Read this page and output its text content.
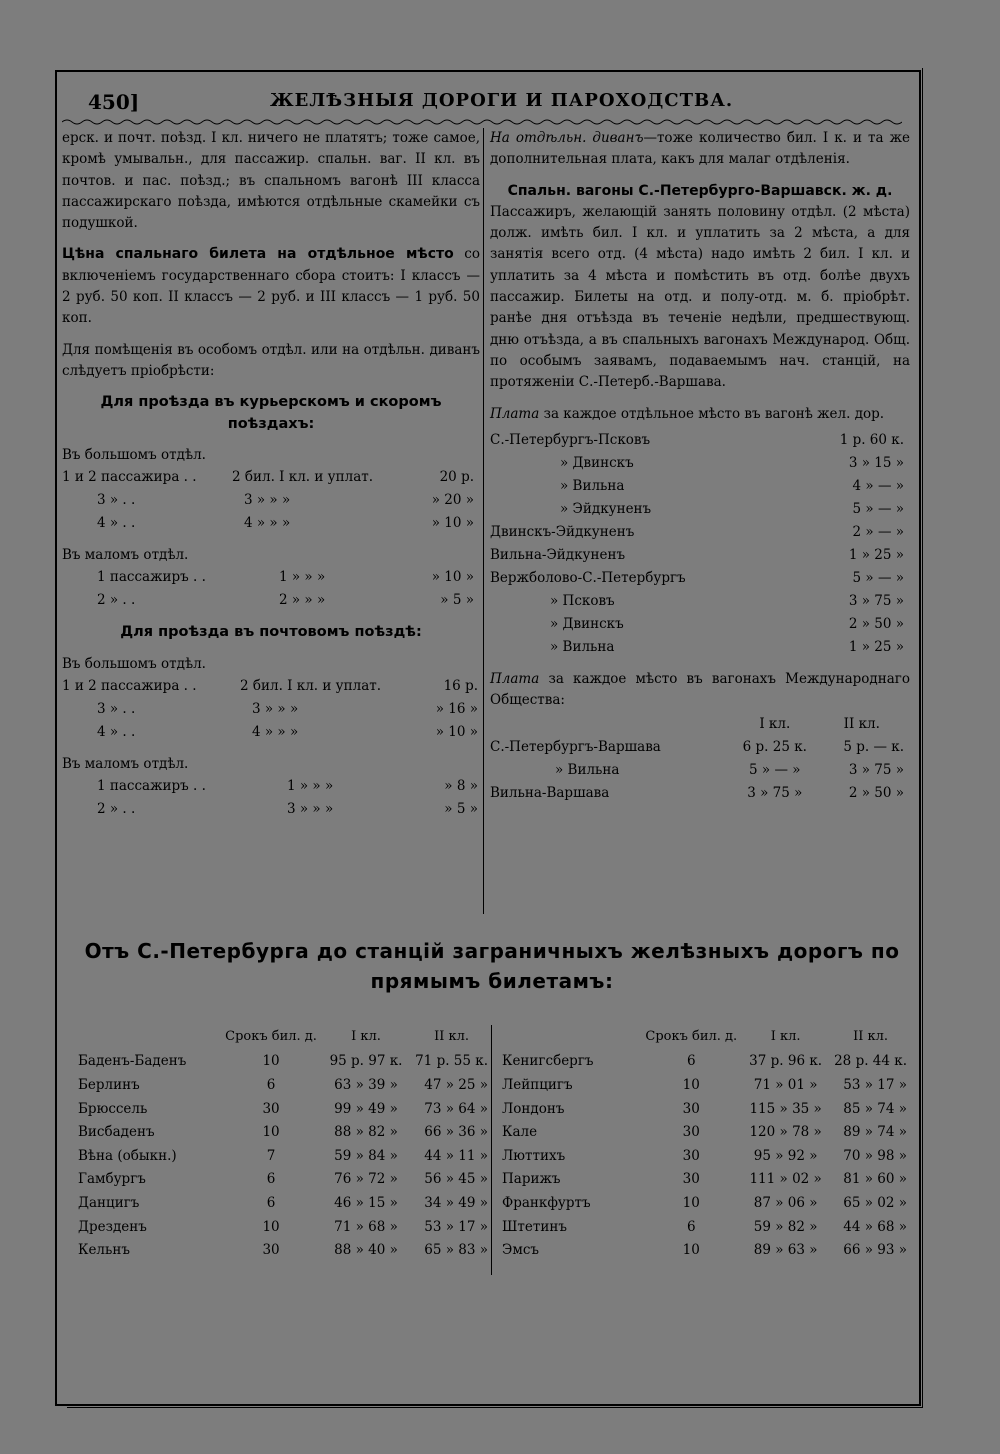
450]	ЖЕЛѢЗНЫЯ ДОРОГИ И ПАРОХОДСТВА.

ерск. и почт. поѣзд. I кл. ничего не платятъ; тоже самое, кромѣ умывальн., для пассажир. спальн. ваг. II кл. въ почтов. и пас. поѣзд.; въ спальномъ вагонѣ III класса пассажирскаго поѣзда, имѣются отдѣльные скамейки съ подушкой.

Цѣна спальнаго билета на отдѣльное мѣсто со включеніемъ государственнаго сбора стоитъ: I классъ — 2 руб. 50 коп. II классъ — 2 руб. и III классъ — 1 руб. 50 коп.

Для помѣщенія въ особомъ отдѣл. или на отдѣльн. диванъ слѣдуетъ пріобрѣсти:

Для проѣзда въ курьерскомъ и скоромъ поѣздахъ:

Въ большомъ отдѣл.

1 и 2 пассажира . .	2 бил. I кл. и уплат.	20 р.
3 » . .	3 » » »	» 20 »
4 » . .	4 » » »	» 10 »

Въ маломъ отдѣл.

1 пассажиръ . .	1 » » »	» 10 »
2 » . .	2 » » »	» 5 »

Для проѣзда въ почтовомъ поѣздѣ:

Въ большомъ отдѣл.

1 и 2 пассажира . .	2 бил. I кл. и уплат.	16 р.
3 » . .	3 » » »	» 16 »
4 » . .	4 » » »	» 10 »

Въ маломъ отдѣл.

1 пассажиръ . .	1 » » »	» 8 »
2 » . .	3 » » »	» 5 »

На отдѣльн. диванъ—тоже количество бил. I к. и та же дополнительная плата, какъ для малаг отдѣленія.

Спальн. вагоны С.-Петербурго-Варшавск. ж. д.

Пассажиръ, желающій занять половину отдѣл. (2 мѣста) долж. имѣть бил. I кл. и уплатить за 2 мѣста, а для занятія всего отд. (4 мѣста) надо имѣть 2 бил. I кл. и уплатить за 4 мѣста и помѣстить въ отд. болѣе двухъ пассажир. Билеты на отд. и полу-отд. м. б. пріобрѣт. ранѣе дня отъѣзда въ теченіе недѣли, предшествующ. дню отъѣзда, а въ спальныхъ вагонахъ Международ. Общ. по особымъ заявамъ, подаваемымъ нач. станцій, на протяженіи С.-Петерб.-Варшава.

Плата за каждое отдѣльное мѣсто въ вагонѣ жел. дор.

С.-Петербургъ-Псковъ	1 р. 60 к.
» Двинскъ	3 » 15 »
» Вильна	4 » — »
» Эйдкуненъ	5 » — »
Двинскъ-Эйдкуненъ	2 » — »
Вильна-Эйдкуненъ	1 » 25 »
Вержболово-С.-Петербургъ	5 » — »
» Псковъ	3 » 75 »
» Двинскъ	2 » 50 »
» Вильна	1 » 25 »

Плата за каждое мѣсто въ вагонахъ Международнаго Общества:

	I кл.	II кл.
С.-Петербургъ-Варшава	6 р. 25 к.	5 р. — к.
» Вильна	5 » — »	3 » 75 »
Вильна-Варшава	3 » 75 »	2 » 50 »
Отъ С.-Петербурга до станцій заграничныхъ желѣзныхъ дорогъ по прямымъ билетамъ:
	Срокъ бил. д.	I кл.	II кл.
Баденъ-Баденъ	10	95 р. 97 к.	71 р. 55 к.
Берлинъ	6	63 » 39 »	47 » 25 »
Брюссель	30	99 » 49 »	73 » 64 »
Висбаденъ	10	88 » 82 »	66 » 36 »
Вѣна (обыкн.)	7	59 » 84 »	44 » 11 »
Гамбургъ	6	76 » 72 »	56 » 45 »
Данцигъ	6	46 » 15 »	34 » 49 »
Дрезденъ	10	71 » 68 »	53 » 17 »
Кельнъ	30	88 » 40 »	65 » 83 »
	Срокъ бил. д.	I кл.	II кл.
Кенигсбергъ	6	37 р. 96 к.	28 р. 44 к.
Лейпцигъ	10	71 » 01 »	53 » 17 »
Лондонъ	30	115 » 35 »	85 » 74 »
Кале	30	120 » 78 »	89 » 74 »
Люттихъ	30	95 » 92 »	70 » 98 »
Парижъ	30	111 » 02 »	81 » 60 »
Франкфуртъ	10	87 » 06 »	65 » 02 »
Штетинъ	6	59 » 82 »	44 » 68 »
Эмсъ	10	89 » 63 »	66 » 93 »
